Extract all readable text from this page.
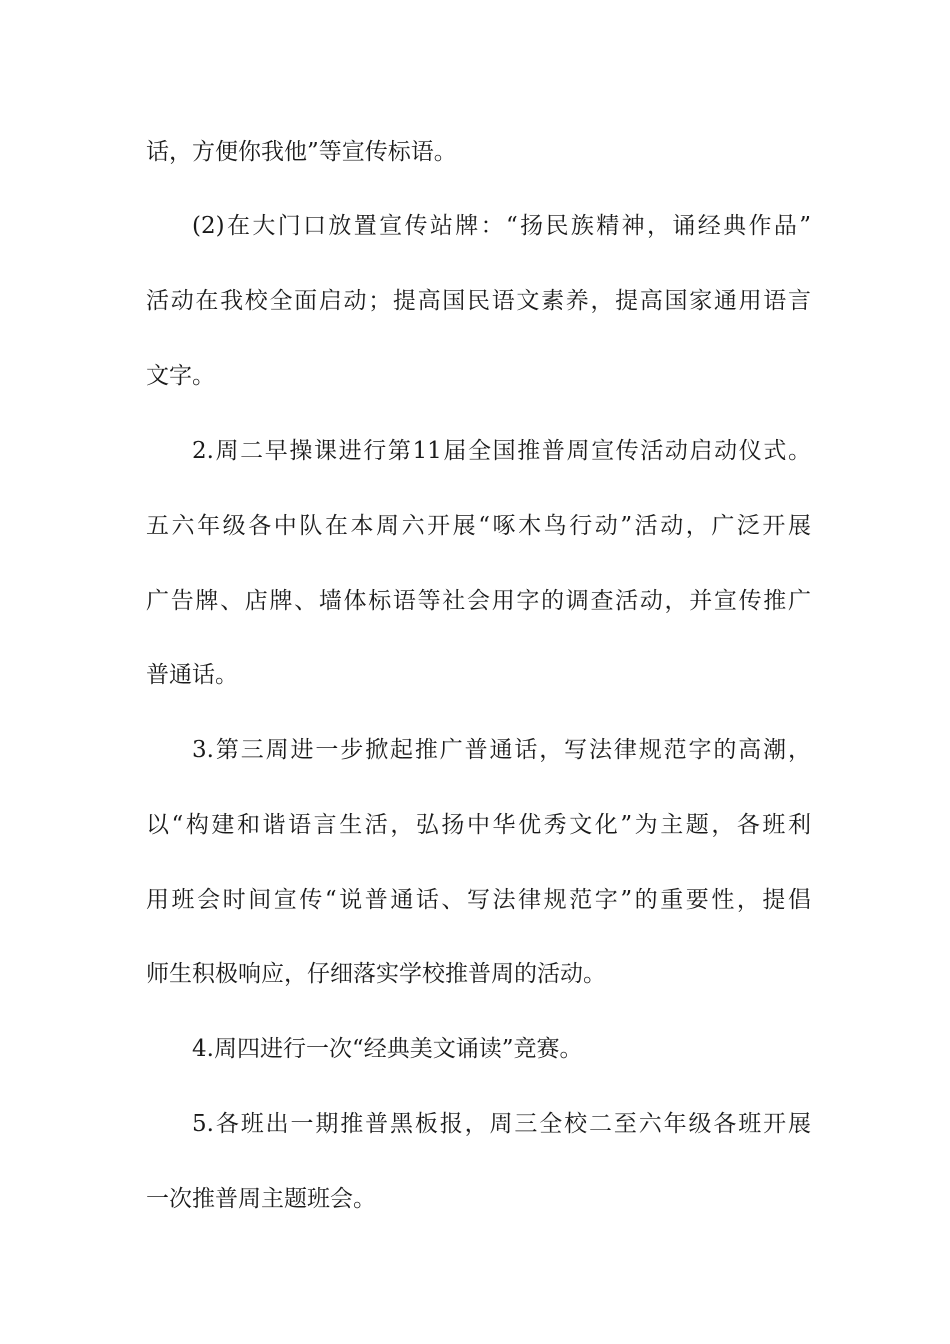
话，方便你我他”等宣传标语。
(2)在大门口放置宣传站牌：“扬民族精神，诵经典作品”
活动在我校全面启动；提高国民语文素养，提高国家通用语言
文字。
2.周二早操课进行第11届全国推普周宣传活动启动仪式。
五六年级各中队在本周六开展“啄木鸟行动”活动，广泛开展
广告牌、店牌、墙体标语等社会用字的调查活动，并宣传推广
普通话。
3.第三周进一步掀起推广普通话，写法律规范字的高潮，
以“构建和谐语言生活，弘扬中华优秀文化”为主题，各班利
用班会时间宣传“说普通话、写法律规范字”的重要性，提倡
师生积极响应，仔细落实学校推普周的活动。
4.周四进行一次“经典美文诵读”竞赛。
5.各班出一期推普黑板报，周三全校二至六年级各班开展
一次推普周主题班会。
